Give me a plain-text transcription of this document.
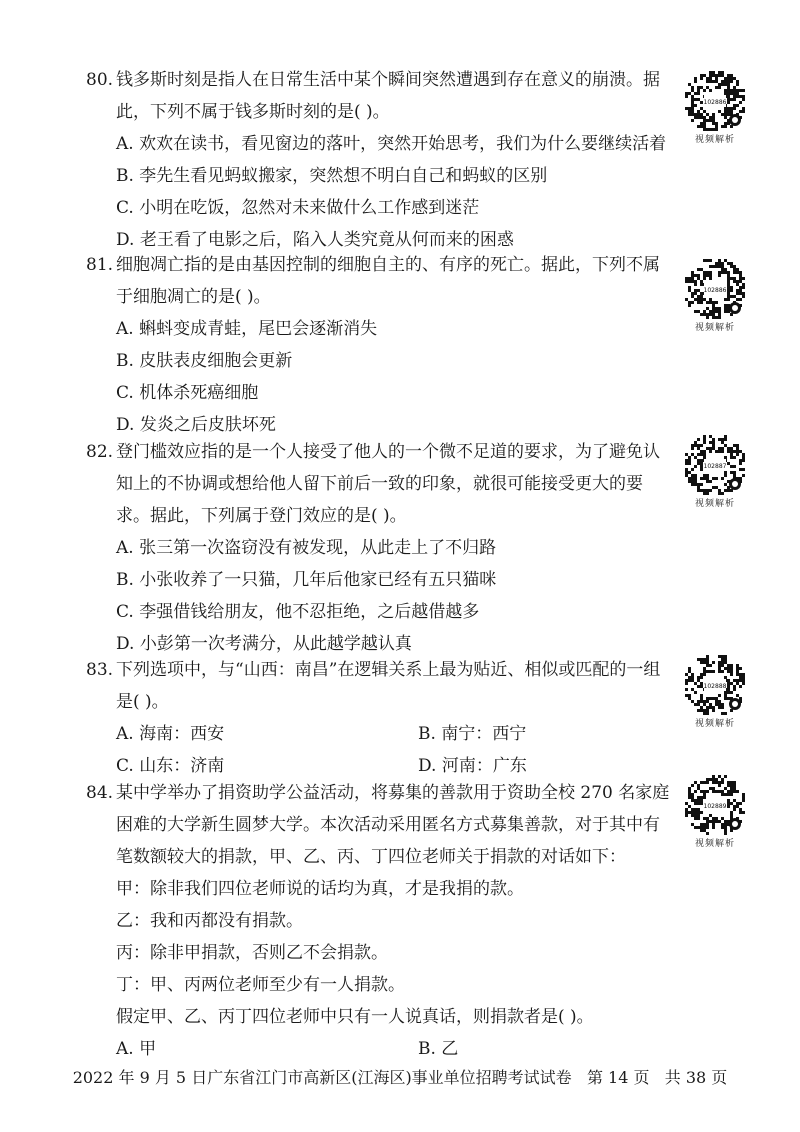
80. 钱多斯时刻是指人在日常生活中某个瞬间突然遭遇到存在意义的崩溃。据此，下列不属于钱多斯时刻的是( )。
A. 欢欢在读书，看见窗边的落叶，突然开始思考，我们为什么要继续活着
B. 李先生看见蚂蚁搬家，突然想不明白自己和蚂蚁的区别
C. 小明在吃饭，忽然对未来做什么工作感到迷茫
D. 老王看了电影之后，陷入人类究竟从何而来的困惑
81. 细胞凋亡指的是由基因控制的细胞自主的、有序的死亡。据此，下列不属于细胞凋亡的是( )。
A. 蝌蚪变成青蛙，尾巴会逐渐消失
B. 皮肤表皮细胞会更新
C. 机体杀死癌细胞
D. 发炎之后皮肤坏死
82. 登门槛效应指的是一个人接受了他人的一个微不足道的要求，为了避免认知上的不协调或想给他人留下前后一致的印象，就很可能接受更大的要求。据此，下列属于登门效应的是( )。
A. 张三第一次盗窃没有被发现，从此走上了不归路
B. 小张收养了一只猫，几年后他家已经有五只猫咪
C. 李强借钱给朋友，他不忍拒绝，之后越借越多
D. 小彭第一次考满分，从此越学越认真
83. 下列选项中，与“山西：南昌”在逻辑关系上最为贴近、相似或匹配的一组是( )。
A. 海南：西安	B. 南宁：西宁
C. 山东：济南	D. 河南：广东
84. 某中学举办了捐资助学公益活动，将募集的善款用于资助全校 270 名家庭困难的大学新生圆梦大学。本次活动采用匿名方式募集善款，对于其中有笔数额较大的捐款，甲、乙、丙、丁四位老师关于捐款的对话如下：
甲：除非我们四位老师说的话均为真，才是我捐的款。
乙：我和丙都没有捐款。
丙：除非甲捐款，否则乙不会捐款。
丁：甲、丙两位老师至少有一人捐款。
假定甲、乙、丙丁四位老师中只有一人说真话，则捐款者是( )。
A. 甲	B. 乙
102886
视频解析
102886
视频解析
102887
视频解析
102888
视频解析
102889
视频解析
2022 年 9 月 5 日广东省江门市高新区(江海区)事业单位招聘考试试卷 第 14 页 共 38 页
